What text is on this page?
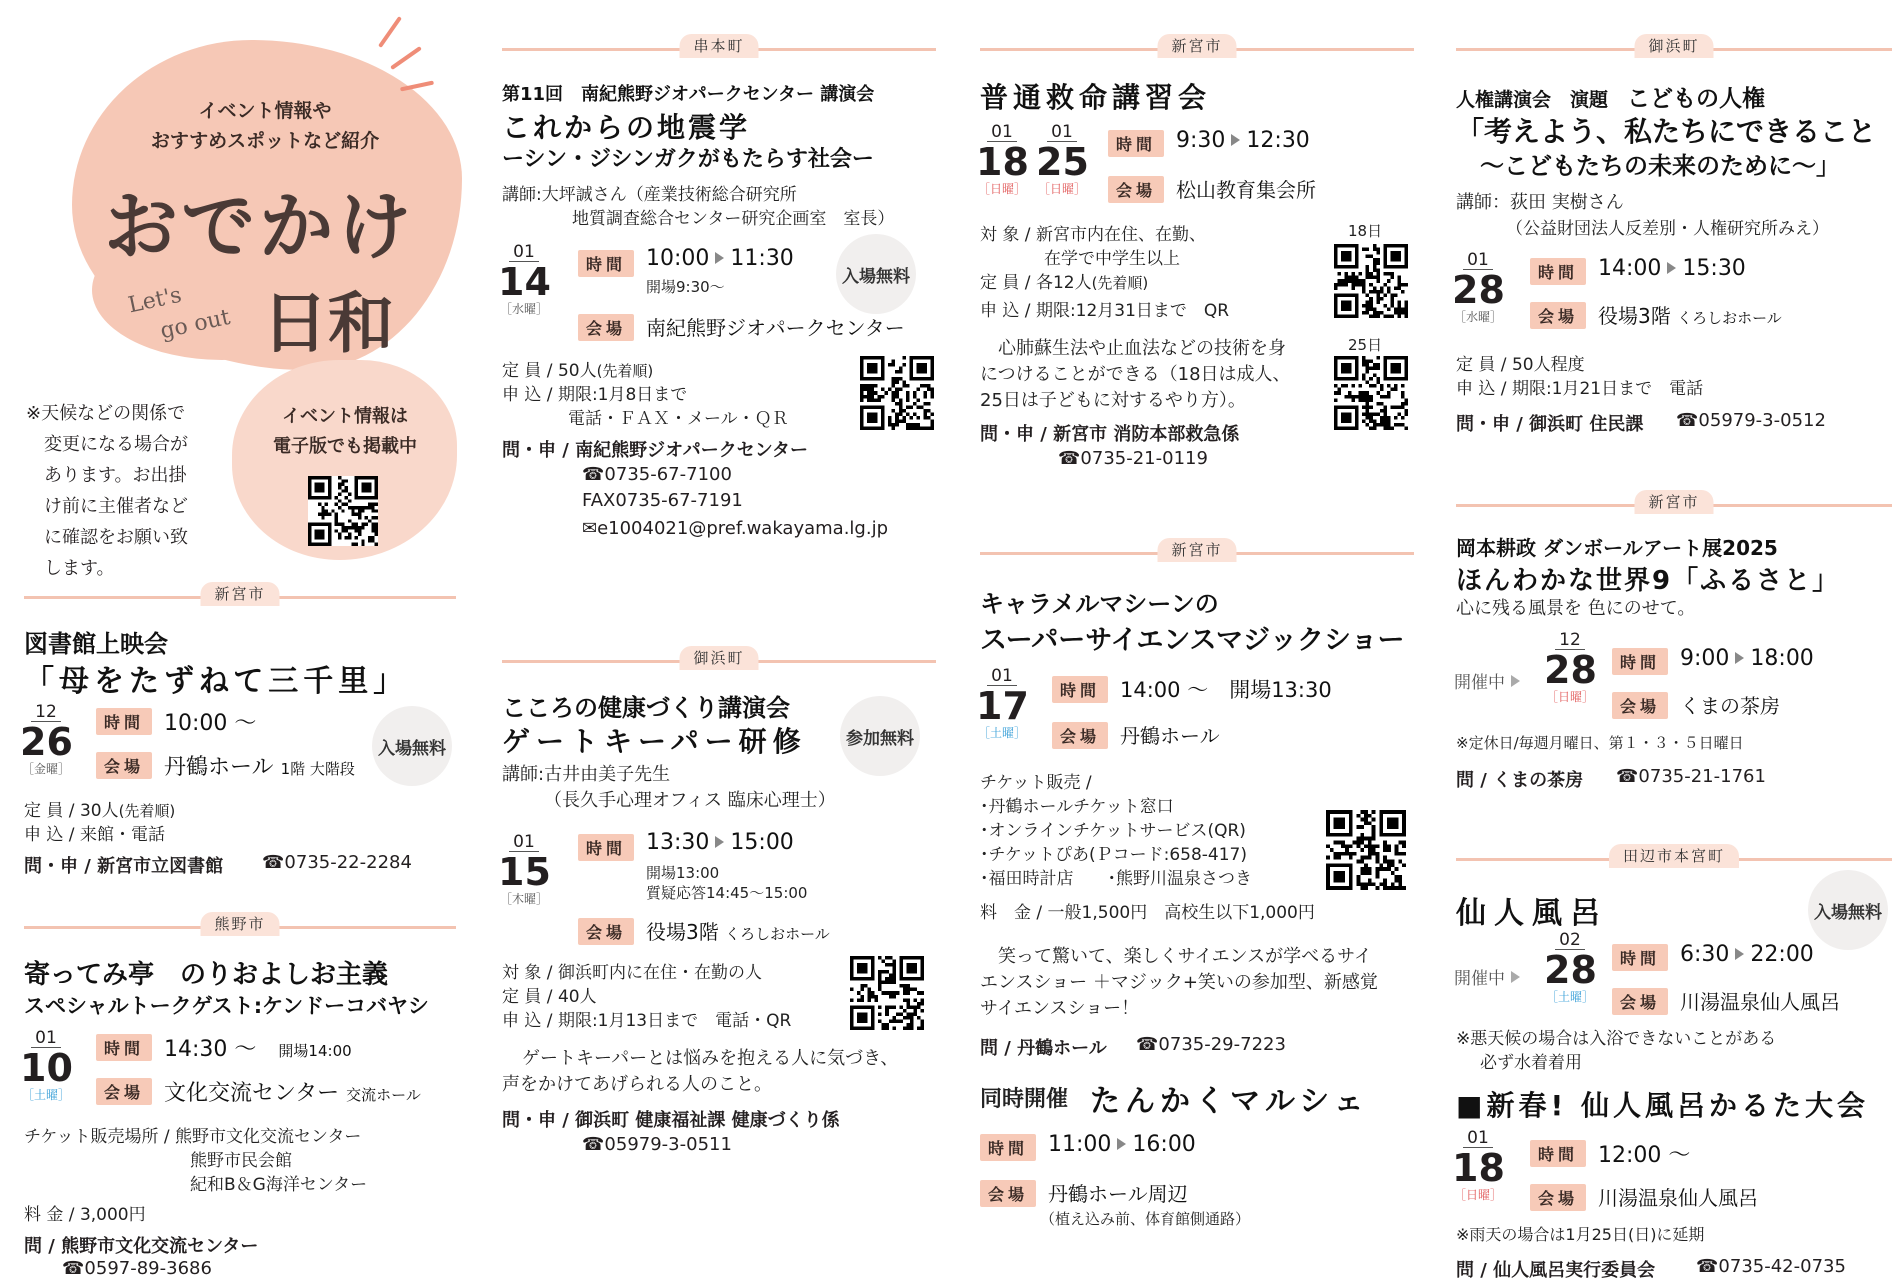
イベント情報や
おすすめスポットなど紹介
おでかけ
Let's
go out 日和
※天候などの関係で
変更になる場合が
あります。お出掛
け前に主催者など
に確認をお願い致
します。
イベント情報は
電子版でも掲載中
新宮市
図書館上映会
「母をたずねて三千里」
12
26
［金曜］
時間 10:00 ～
会場 丹鶴ホール 1階 大階段
入場無料
定 員 / 30人(先着順)
申 込 / 来館・電話
問・申 / 新宮市立図書館 ☎0735-22-2284
熊野市
寄ってみ亭　のりおよしお主義
スペシャルトークゲスト:ケンドーコバヤシ
01
10
［土曜］
時間 14:30 ～　 開場14:00
会場 文化交流センター 交流ホール
チケット販売場所 / 熊野市文化交流センター
熊野市民会館
紀和B＆G海洋センター
料 金 / 3,000円
問 / 熊野市文化交流センター
☎0597-89-3686
串本町
第11回　南紀熊野ジオパークセンター 講演会
これからの地震学
ーシン・ジシンガクがもたらす社会ー
講師:大坪誠さん（産業技術総合研究所
地質調査総合センター研究企画室　室長）
01
14
［水曜］
時間 10:00 11:30
開場9:30～
入場無料
会場 南紀熊野ジオパークセンター
定 員 / 50人(先着順)
申 込 / 期限:1月8日まで
電話・ＦＡＸ・メール・ＱＲ
問・申 / 南紀熊野ジオパークセンター
☎0735-67-7100
FAX0735-67-7191
✉e1004021@pref.wakayama.lg.jp
御浜町
こころの健康づくり講演会
ゲートキーパー研修	参加無料
講師:古井由美子先生
（長久手心理オフィス 臨床心理士）
01
15
［木曜］
時間 13:30 15:00
開場13:00
質疑応答14:45～15:00
会場 役場3階 くろしおホール
対 象 / 御浜町内に在住・在勤の人
定 員 / 40人
申 込 / 期限:1月13日まで　電話・QR
ゲートキーパーとは悩みを抱える人に気づき、
声をかけてあげられる人のこと。
問・申 / 御浜町 健康福祉課 健康づくり係
☎05979-3-0511
新宮市
普通救命講習会
01
18
［日曜］
01
25
［日曜］
時間 9:30 12:30
会場 松山教育集会所
対 象 / 新宮市内在住、在勤、
在学で中学生以上
定 員 / 各12人(先着順)
申 込 / 期限:12月31日まで　QR
18日
25日
心肺蘇生法や止血法などの技術を身
につけることができる（18日は成人、
25日は子どもに対するやり方）。
問・申 / 新宮市 消防本部救急係
☎0735-21-0119
新宮市
キャラメルマシーンの
スーパーサイエンスマジックショー
01
17
［土曜］
時間 14:00 ～　開場13:30
会場 丹鶴ホール
チケット販売 /
･丹鶴ホールチケット窓口
･オンラインチケットサービス(QR)
･チケットぴあ(Ｐコード:658-417)
･福田時計店　　･熊野川温泉さつき
料　金 / 一般1,500円　高校生以下1,000円
笑って驚いて、楽しくサイエンスが学べるサイ
エンスショー ＋マジック+笑いの参加型、新感覚
サイエンスショー！
問 / 丹鶴ホール ☎0735-29-7223
同時開催 たんかくマルシェ
時間 11:00 16:00
会場 丹鶴ホール周辺
（植え込み前、体育館側通路）
御浜町
人権講演会　演題　 こどもの人権
「考えよう、私たちにできること
～こどもたちの未来のために～」
講師：荻田 実樹さん
（公益財団法人反差別・人権研究所みえ）
01
28
［水曜］
時間 14:00 15:30
会場 役場3階 くろしおホール
定 員 / 50人程度
申 込 / 期限:1月21日まで　電話
問・申 / 御浜町 住民課 ☎05979-3-0512
新宮市
岡本耕政 ダンボールアート展2025
ほんわかな世界9「ふるさと」
心に残る風景を 色にのせて。
開催中
12
28
［日曜］
時間 9:00 18:00
会場 くまの茶房
※定休日/毎週月曜日、第１・３・５日曜日
問 / くまの茶房 ☎0735-21-1761
田辺市本宮町
仙人風呂	入場無料
開催中
02
28
［土曜］
時間 6:30 22:00
会場 川湯温泉仙人風呂
※悪天候の場合は入浴できないことがある
必ず水着着用
■新春! 仙人風呂かるた大会
01
18
［日曜］
時間 12:00 ～
会場 川湯温泉仙人風呂
※雨天の場合は1月25日(日)に延期
問 / 仙人風呂実行委員会 ☎0735-42-0735
